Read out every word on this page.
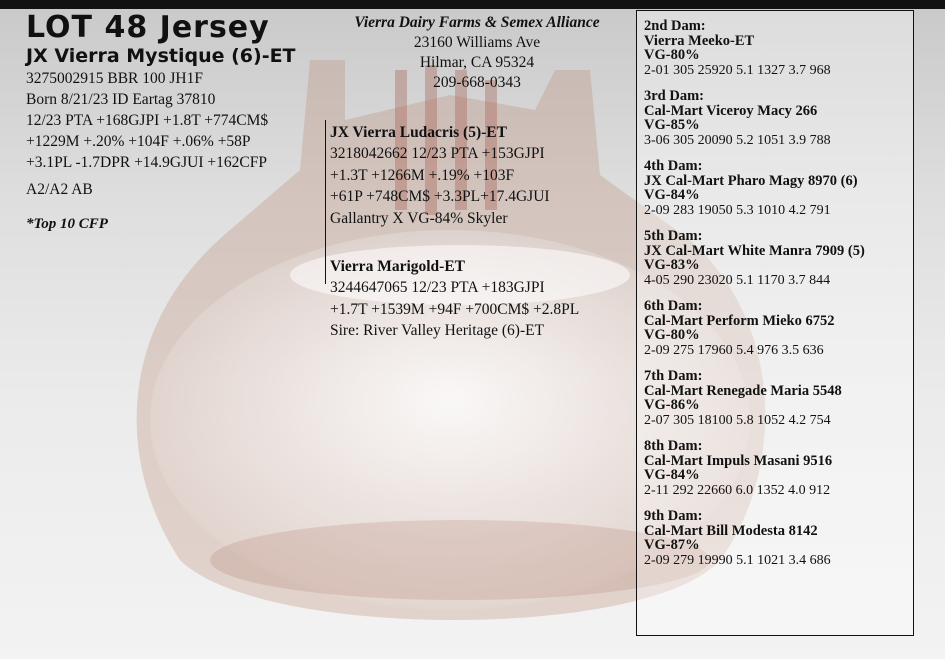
LOT 48 Jersey
JX Vierra Mystique (6)-ET
3275002915 BBR 100 JH1F
Born 8/21/23 ID Eartag 37810
12/23 PTA +168GJPI +1.8T +774CM$
+1229M +.20% +104F +.06% +58P
+3.1PL -1.7DPR +14.9GJUI +162CFP
A2/A2 AB
*Top 10 CFP
Vierra Dairy Farms & Semex Alliance
23160 Williams Ave
Hilmar, CA 95324
209-668-0343
JX Vierra Ludacris (5)-ET
3218042662 12/23 PTA +153GJPI
+1.3T +1266M +.19% +103F
+61P +748CM$ +3.3PL+17.4GJUI
Gallantry X VG-84% Skyler
Vierra Marigold-ET
3244647065 12/23 PTA +183GJPI
+1.7T +1539M +94F +700CM$ +2.8PL
Sire: River Valley Heritage (6)-ET
2nd Dam:
Vierra Meeko-ET
VG-80%
2-01 305 25920 5.1 1327 3.7 968
3rd Dam:
Cal-Mart Viceroy Macy 266
VG-85%
3-06 305 20090 5.2 1051 3.9 788
4th Dam:
JX Cal-Mart Pharo Magy 8970 (6)
VG-84%
2-09 283 19050 5.3 1010 4.2 791
5th Dam:
JX Cal-Mart White Manra 7909 (5)
VG-83%
4-05 290 23020 5.1 1170 3.7 844
6th Dam:
Cal-Mart Perform Mieko 6752
VG-80%
2-09 275 17960 5.4 976 3.5 636
7th Dam:
Cal-Mart Renegade Maria 5548
VG-86%
2-07 305 18100 5.8 1052 4.2 754
8th Dam:
Cal-Mart Impuls Masani 9516
VG-84%
2-11 292 22660 6.0 1352 4.0 912
9th Dam:
Cal-Mart Bill Modesta 8142
VG-87%
2-09 279 19990 5.1 1021 3.4 686
